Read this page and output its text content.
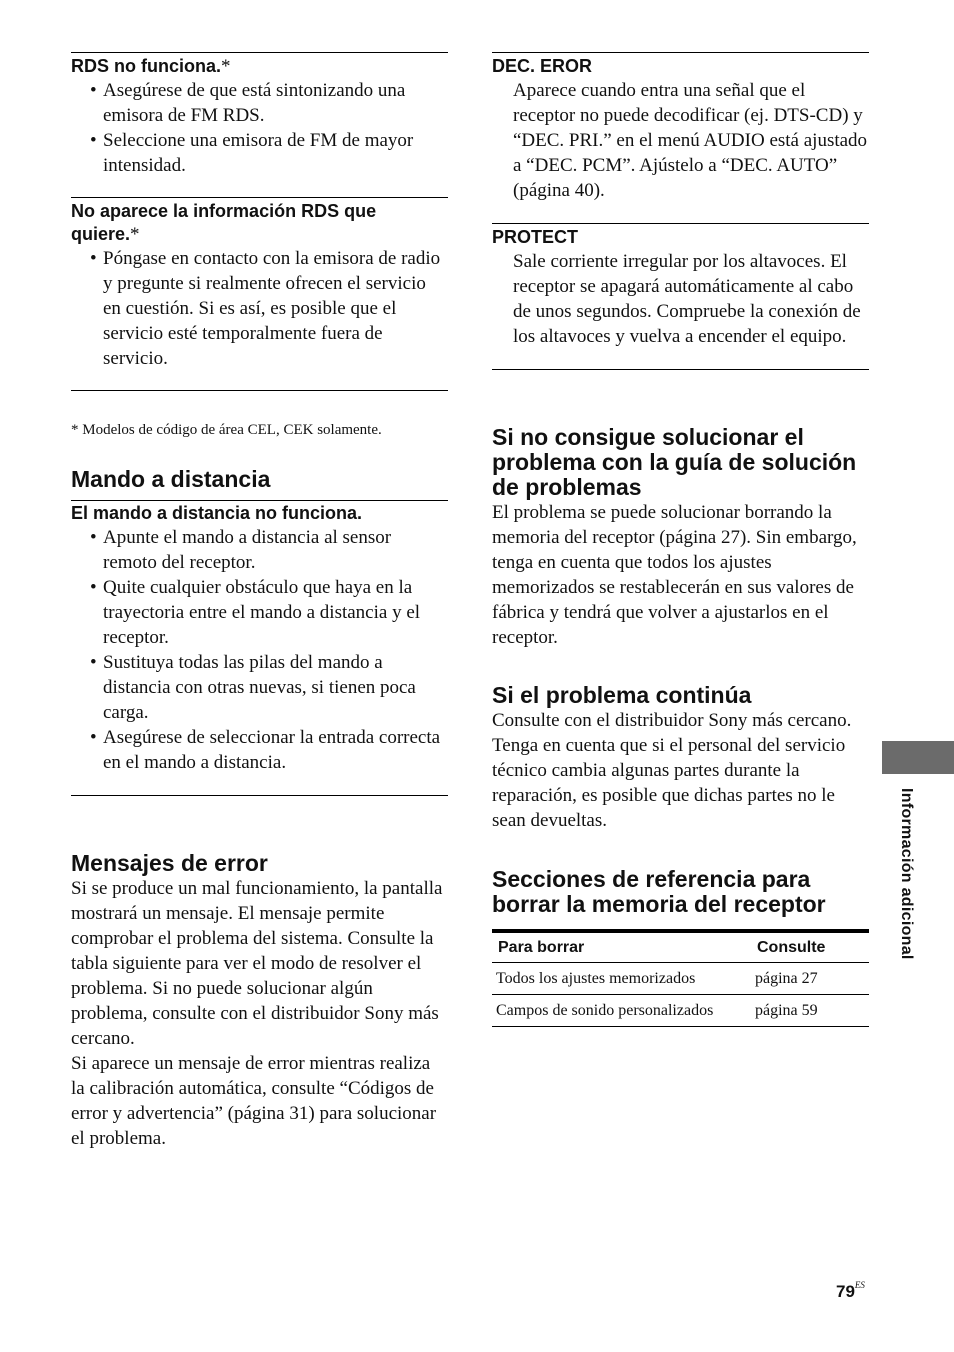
RDS no funciona.*
• Asegúrese de que está sintonizando una emisora de FM RDS.
• Seleccione una emisora de FM de mayor intensidad.
No aparece la información RDS que quiere.*
• Póngase en contacto con la emisora de radio y pregunte si realmente ofrecen el servicio en cuestión. Si es así, es posible que el servicio esté temporalmente fuera de servicio.
* Modelos de código de área CEL, CEK solamente.
Mando a distancia
El mando a distancia no funciona.
• Apunte el mando a distancia al sensor remoto del receptor.
• Quite cualquier obstáculo que haya en la trayectoria entre el mando a distancia y el receptor.
• Sustituya todas las pilas del mando a distancia con otras nuevas, si tienen poca carga.
• Asegúrese de seleccionar la entrada correcta en el mando a distancia.
Mensajes de error
Si se produce un mal funcionamiento, la pantalla mostrará un mensaje. El mensaje permite comprobar el problema del sistema. Consulte la tabla siguiente para ver el modo de resolver el problema. Si no puede solucionar algún problema, consulte con el distribuidor Sony más cercano.
Si aparece un mensaje de error mientras realiza la calibración automática, consulte “Códigos de error y advertencia” (página 31) para solucionar el problema.
DEC. EROR
Aparece cuando entra una señal que el receptor no puede decodificar (ej. DTS-CD) y “DEC. PRI.” en el menú AUDIO está ajustado a “DEC. PCM”. Ajústelo a “DEC. AUTO” (página 40).
PROTECT
Sale corriente irregular por los altavoces. El receptor se apagará automáticamente al cabo de unos segundos. Compruebe la conexión de los altavoces y vuelva a encender el equipo.
Si no consigue solucionar el problema con la guía de solución de problemas
El problema se puede solucionar borrando la memoria del receptor (página 27). Sin embargo, tenga en cuenta que todos los ajustes memorizados se restablecerán en sus valores de fábrica y tendrá que volver a ajustarlos en el receptor.
Si el problema continúa
Consulte con el distribuidor Sony más cercano. Tenga en cuenta que si el personal del servicio técnico cambia algunas partes durante la reparación, es posible que dichas partes no le sean devueltas.
Secciones de referencia para borrar la memoria del receptor
Para borrar	Consulte
Todos los ajustes memorizados	página 27
Campos de sonido personalizados	página 59
Información adicional
$79^{ES}$
